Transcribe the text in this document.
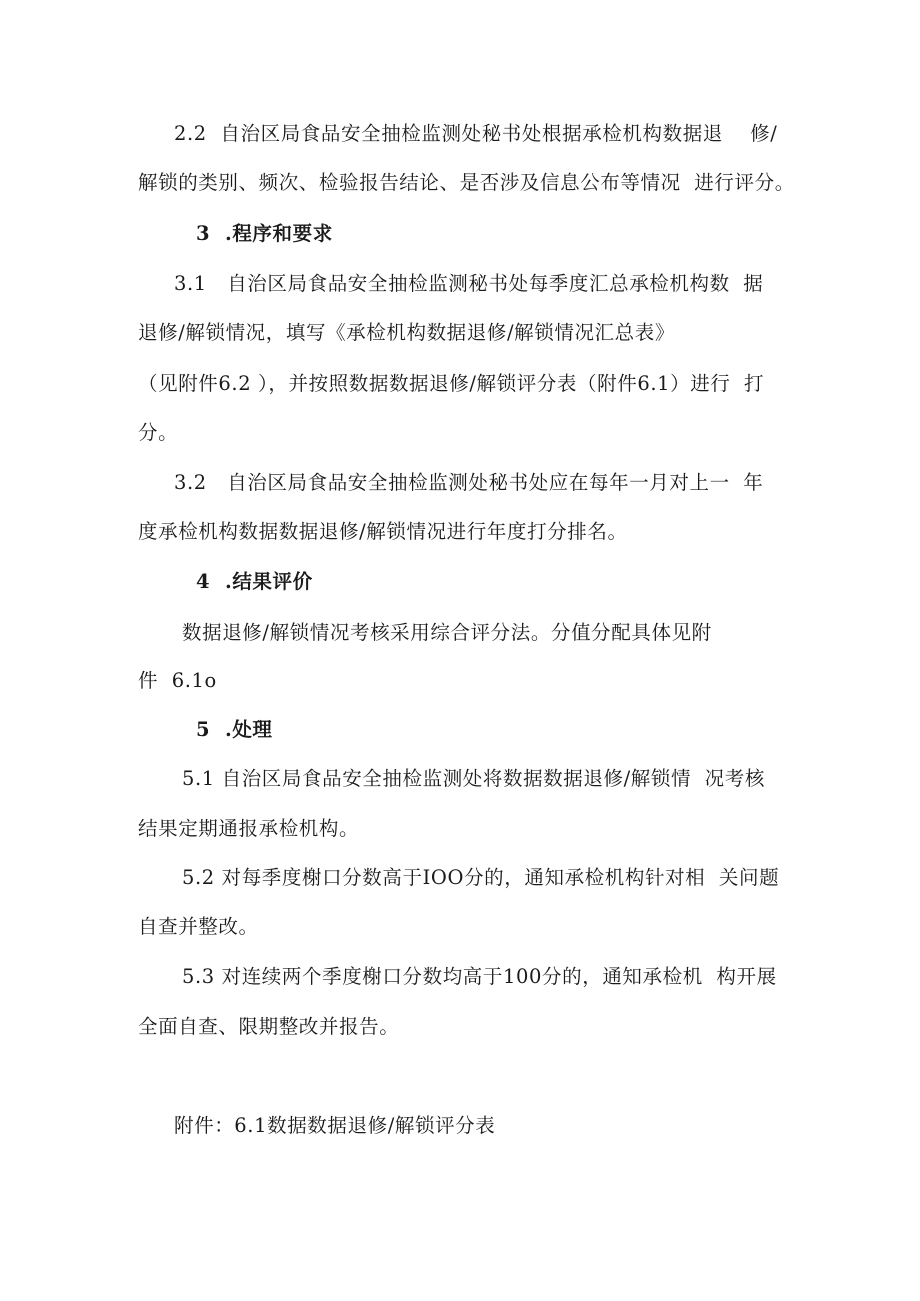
2.2  自治区局食品安全抽检监测处秘书处根据承检机构数据退    修/
解锁的类别、频次、检验报告结论、是否涉及信息公布等情况  进行评分。
3  .程序和要求
3.1   自治区局食品安全抽检监测秘书处每季度汇总承检机构数  据
退修/解锁情况，填写《承检机构数据退修/解锁情况汇总表》
（见附件6.2 ），并按照数据数据退修/解锁评分表（附件6.1）进行  打
分。
3.2   自治区局食品安全抽检监测处秘书处应在每年一月对上一  年
度承检机构数据数据退修/解锁情况进行年度打分排名。
4  .结果评价
数据退修/解锁情况考核采用综合评分法。分值分配具体见附
件  6.1o
5  .处理
5.1 自治区局食品安全抽检监测处将数据数据退修/解锁情  况考核
结果定期通报承检机构。
5.2 对每季度榭口分数高于IOO分的，通知承检机构针对相  关问题
自查并整改。
5.3 对连续两个季度榭口分数均高于100分的，通知承检机  构开展
全面自查、限期整改并报告。
附件：6.1数据数据退修/解锁评分表
